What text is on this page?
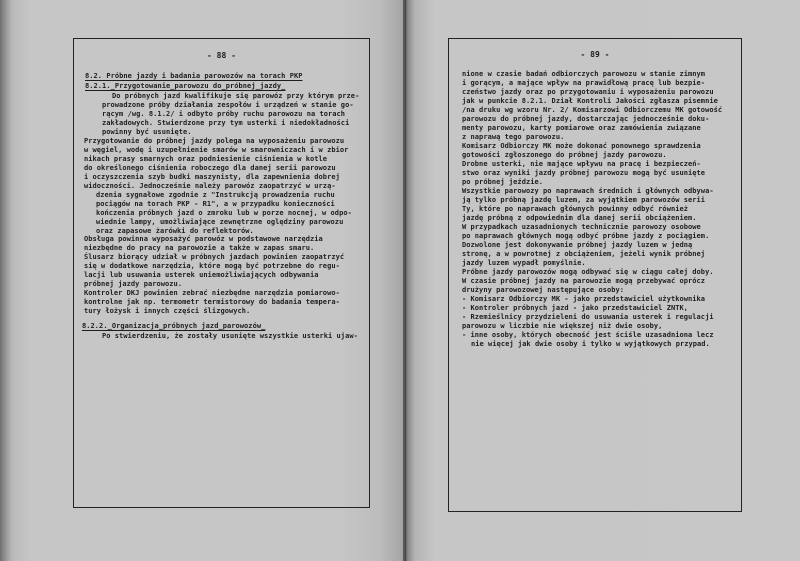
- 88 -
8.2. Próbne jazdy i badania parowozów na torach PKP
8.2.1._Przygotowanie_parowozu do_próbnej_jazdy_
Do próbnych jazd kwalifikuje się parowóz przy którym prze-
prowadzone próby działania zespołów i urządzeń w stanie go-
rącym /wg. 8.1.2/ i odbyto próby ruchu parowozu na torach
zakładowych. Stwierdzone przy tym usterki i niedokładności
powinny być usunięte.
Przygotowanie do próbnej jazdy polega na wyposażeniu parowozu
w węgiel, wodę i uzupełnienie smarów w smarowniczach i w zbior
nikach prasy smarnych oraz podniesienie ciśnienia w kotle
do określonego ciśnienia roboczego dla danej serii parowozu
i oczyszczenia szyb budki maszynisty, dla zapewnienia dobrej
widoczności. Jednocześnie należy parowóz zaopatrzyć w urzą-
dzenia sygnałowe zgodnie z "Instrukcją prowadzenia ruchu
pociągów na torach PKP - R1", a w przypadku konieczności
kończenia próbnych jazd o zmroku lub w porze nocnej, w odpo-
wiednie lampy, umożliwiające zewnętrzne oględziny parowozu
oraz zapasowe żarówki do reflektorów.
Obsługa powinna wyposażyć parowóz w podstawowe narzędzia
niezbędne do pracy na parowozie a także w zapas smaru.
Ślusarz biorący udział w próbnych jazdach powinien zaopatrzyć
się w dodatkowe narzędzia, które mogą być potrzebne do regu-
lacji lub usuwania usterek uniemożliwiających odbywania
próbnej jazdy parowozu.
Kontroler DKJ powinien zebrać niezbędne narzędzia pomiarowo-
kontrolne jak np. termometr termistorowy do badania tempera-
tury łożysk i innych części ślizgowych.
8.2.2._Organizacja_próbnych jazd_parowozów_
Po stwierdzeniu, że zostały usunięte wszystkie usterki ujaw-
- 89 -
nione w czasie badań odbiorczych parowozu w stanie zimnym
i gorącym, a mające wpływ na prawidłową pracę lub bezpie-
czeństwo jazdy oraz po przygotowaniu i wyposażeniu parowozu
jak w punkcie 8.2.1. Dział Kontroli Jakości zgłasza pisemnie
/na druku wg wzoru Nr. 2/ Komisarzowi Odbiorczemu MK gotowość
parowozu do próbnej jazdy, dostarczając jednocześnie doku-
menty parowozu, karty pomiarowe oraz zamówienia związane
z naprawą tego parowozu.
Komisarz Odbiorczy MK może dokonać ponownego sprawdzenia
gotowości zgłoszonego do próbnej jazdy parowozu.
Drobne usterki, nie mające wpływu na pracę i bezpieczeń-
stwo oraz wyniki jazdy próbnej parowozu mogą być usunięte
po próbnej jeździe.
Wszystkie parowozy po naprawach średnich i głównych odbywa-
ją tylko próbną jazdę luzem, za wyjątkiem parowozów serii
Ty, które po naprawach głównych powinny odbyć również
jazdę próbną z odpowiednim dla danej serii obciążeniem.
W przypadkach uzasadnionych technicznie parowozy osobowe
po naprawach głównych mogą odbyć próbne jazdy z pociągiem.
Dozwolone jest dokonywanie próbnej jazdy luzem w jedną
stronę, a w powrotnej z obciążeniem, jeżeli wynik próbnej
jazdy luzem wypadł pomyślnie.
Próbne jazdy parowozów mogą odbywać się w ciągu całej doby.
W czasie próbnej jazdy na parowozie mogą przebywać oprócz
drużyny parowozowej następujące osoby:
- Komisarz Odbiorczy MK - jako przedstawiciel użytkownika
- Kontroler próbnych jazd - jako przedstawiciel ZNTK,
- Rzemieślnicy przydzieleni do usuwania usterek i regulacji
parowozu w liczbie nie większej niż dwie osoby,
- inne osoby, których obecność jest ściśle uzasadniona lecz
nie więcej jak dwie osoby i tylko w wyjątkowych przypad.
